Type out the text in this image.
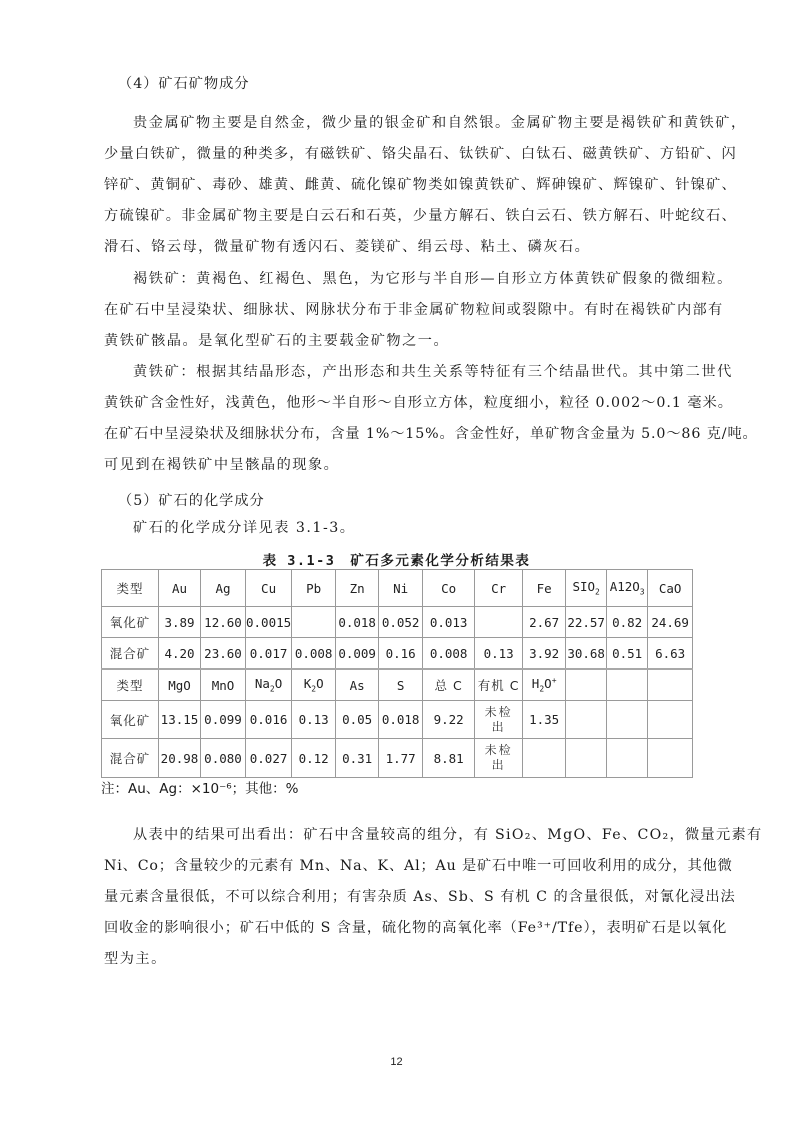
（4）矿石矿物成分
贵金属矿物主要是自然金，微少量的银金矿和自然银。金属矿物主要是褐铁矿和黄铁矿，
少量白铁矿，微量的种类多，有磁铁矿、铬尖晶石、钛铁矿、白钛石、磁黄铁矿、方铅矿、闪
锌矿、黄铜矿、毒砂、雄黄、雌黄、硫化镍矿物类如镍黄铁矿、辉砷镍矿、辉镍矿、针镍矿、
方硫镍矿。非金属矿物主要是白云石和石英，少量方解石、铁白云石、铁方解石、叶蛇纹石、
滑石、铬云母，微量矿物有透闪石、菱镁矿、绢云母、粘土、磷灰石。
褐铁矿：黄褐色、红褐色、黑色，为它形与半自形—自形立方体黄铁矿假象的微细粒。
在矿石中呈浸染状、细脉状、网脉状分布于非金属矿物粒间或裂隙中。有时在褐铁矿内部有
黄铁矿骸晶。是氧化型矿石的主要载金矿物之一。
黄铁矿：根据其结晶形态，产出形态和共生关系等特征有三个结晶世代。其中第二世代
黄铁矿含金性好，浅黄色，他形～半自形～自形立方体，粒度细小，粒径 0.002～0.1 毫米。
在矿石中呈浸染状及细脉状分布，含量 1%～15%。含金性好，单矿物含金量为 5.0～86 克/吨。
可见到在褐铁矿中呈骸晶的现象。
（5）矿石的化学成分
矿石的化学成分详见表 3.1-3。
表 3.1-3　矿石多元素化学分析结果表
类型	Au	Ag	Cu	Pb	Zn	Ni	Co	Cr	Fe	$SIO_2$	$A12O_3$	CaO
氧化矿	3.89	12.60	0.0015		0.018	0.052	0.013		2.67	22.57	0.82	24.69
混合矿	4.20	23.60	0.017	0.008	0.009	0.16	0.008	0.13	3.92	30.68	0.51	6.63
类型	MgO	MnO	$Na_2O$	$K_2O$	As	S	总 C	有机 C	$H_2O^+$			
氧化矿	13.15	0.099	0.016	0.13	0.05	0.018	9.22	未检出	1.35			
混合矿	20.98	0.080	0.027	0.12	0.31	1.77	8.81	未检出				
注：Au、Ag：×10⁻⁶；其他：%
从表中的结果可出看出：矿石中含量较高的组分，有 SiO₂、MgO、Fe、CO₂，微量元素有
Ni、Co；含量较少的元素有 Mn、Na、K、Al；Au 是矿石中唯一可回收利用的成分，其他微
量元素含量很低，不可以综合利用；有害杂质 As、Sb、S 有机 C 的含量很低，对氰化浸出法
回收金的影响很小；矿石中低的 S 含量，硫化物的高氧化率（Fe³⁺/Tfe），表明矿石是以氧化
型为主。
12
